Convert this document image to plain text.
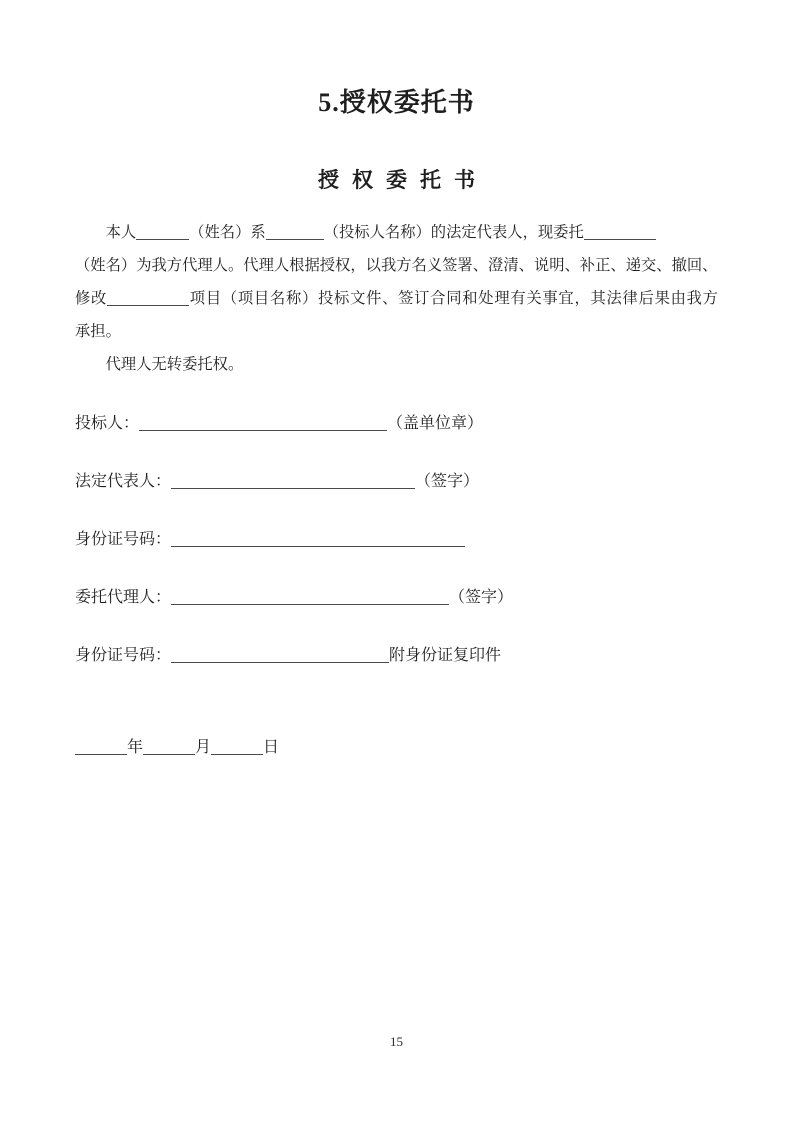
5.授权委托书
授权委托书
本人	（姓名）系	（投标人名称）的法定代表人，现委托
（姓名）为我方代理人。代理人根据授权，以我方名义签署、澄清、说明、补正、递交、撤回、
修改	项目（项目名称）投标文件、签订合同和处理有关事宜，其法律后果由我方
承担。
代理人无转委托权。
投标人：	（盖单位章）
法定代表人：	（签字）
身份证号码：
委托代理人：	（签字）
身份证号码：	附身份证复印件
年	月	日
15
